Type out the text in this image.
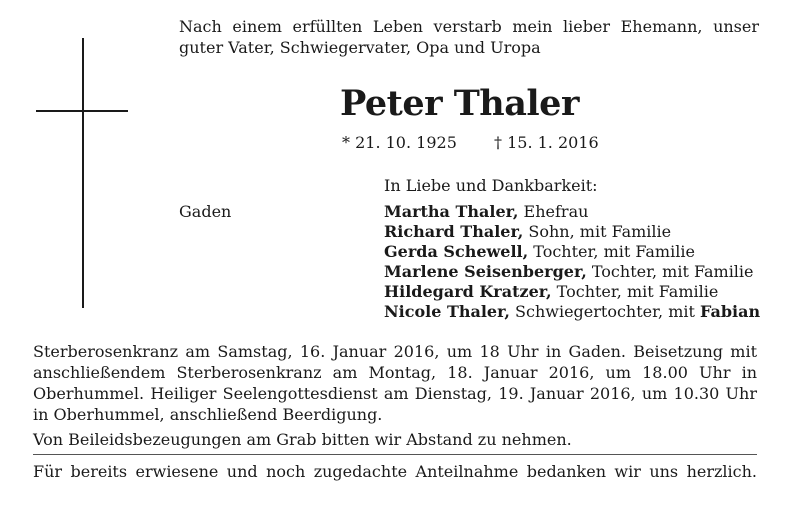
Nach einem erfüllten Leben verstarb mein lieber Ehemann, unser guter Vater, Schwiegervater, Opa und Uropa
Peter Thaler
* 21. 10. 1925 † 15. 1. 2016
Gaden
In Liebe und Dankbarkeit:
Martha Thaler, Ehefrau
Richard Thaler, Sohn, mit Familie
Gerda Schewell, Tochter, mit Familie
Marlene Seisenberger, Tochter, mit Familie
Hildegard Kratzer, Tochter, mit Familie
Nicole Thaler, Schwiegertochter, mit Fabian
Sterberosenkranz am Samstag, 16. Januar 2016, um 18 Uhr in Gaden. Beisetzung mit anschließendem Sterberosenkranz am Montag, 18. Januar 2016, um 18.00 Uhr in Oberhummel. Heiliger Seelengottesdienst am Dienstag, 19. Januar 2016, um 10.30 Uhr in Oberhummel, anschließend Beerdigung.
Von Beileidsbezeugungen am Grab bitten wir Abstand zu nehmen.
Für bereits erwiesene und noch zugedachte Anteilnahme bedanken wir uns herzlich.
